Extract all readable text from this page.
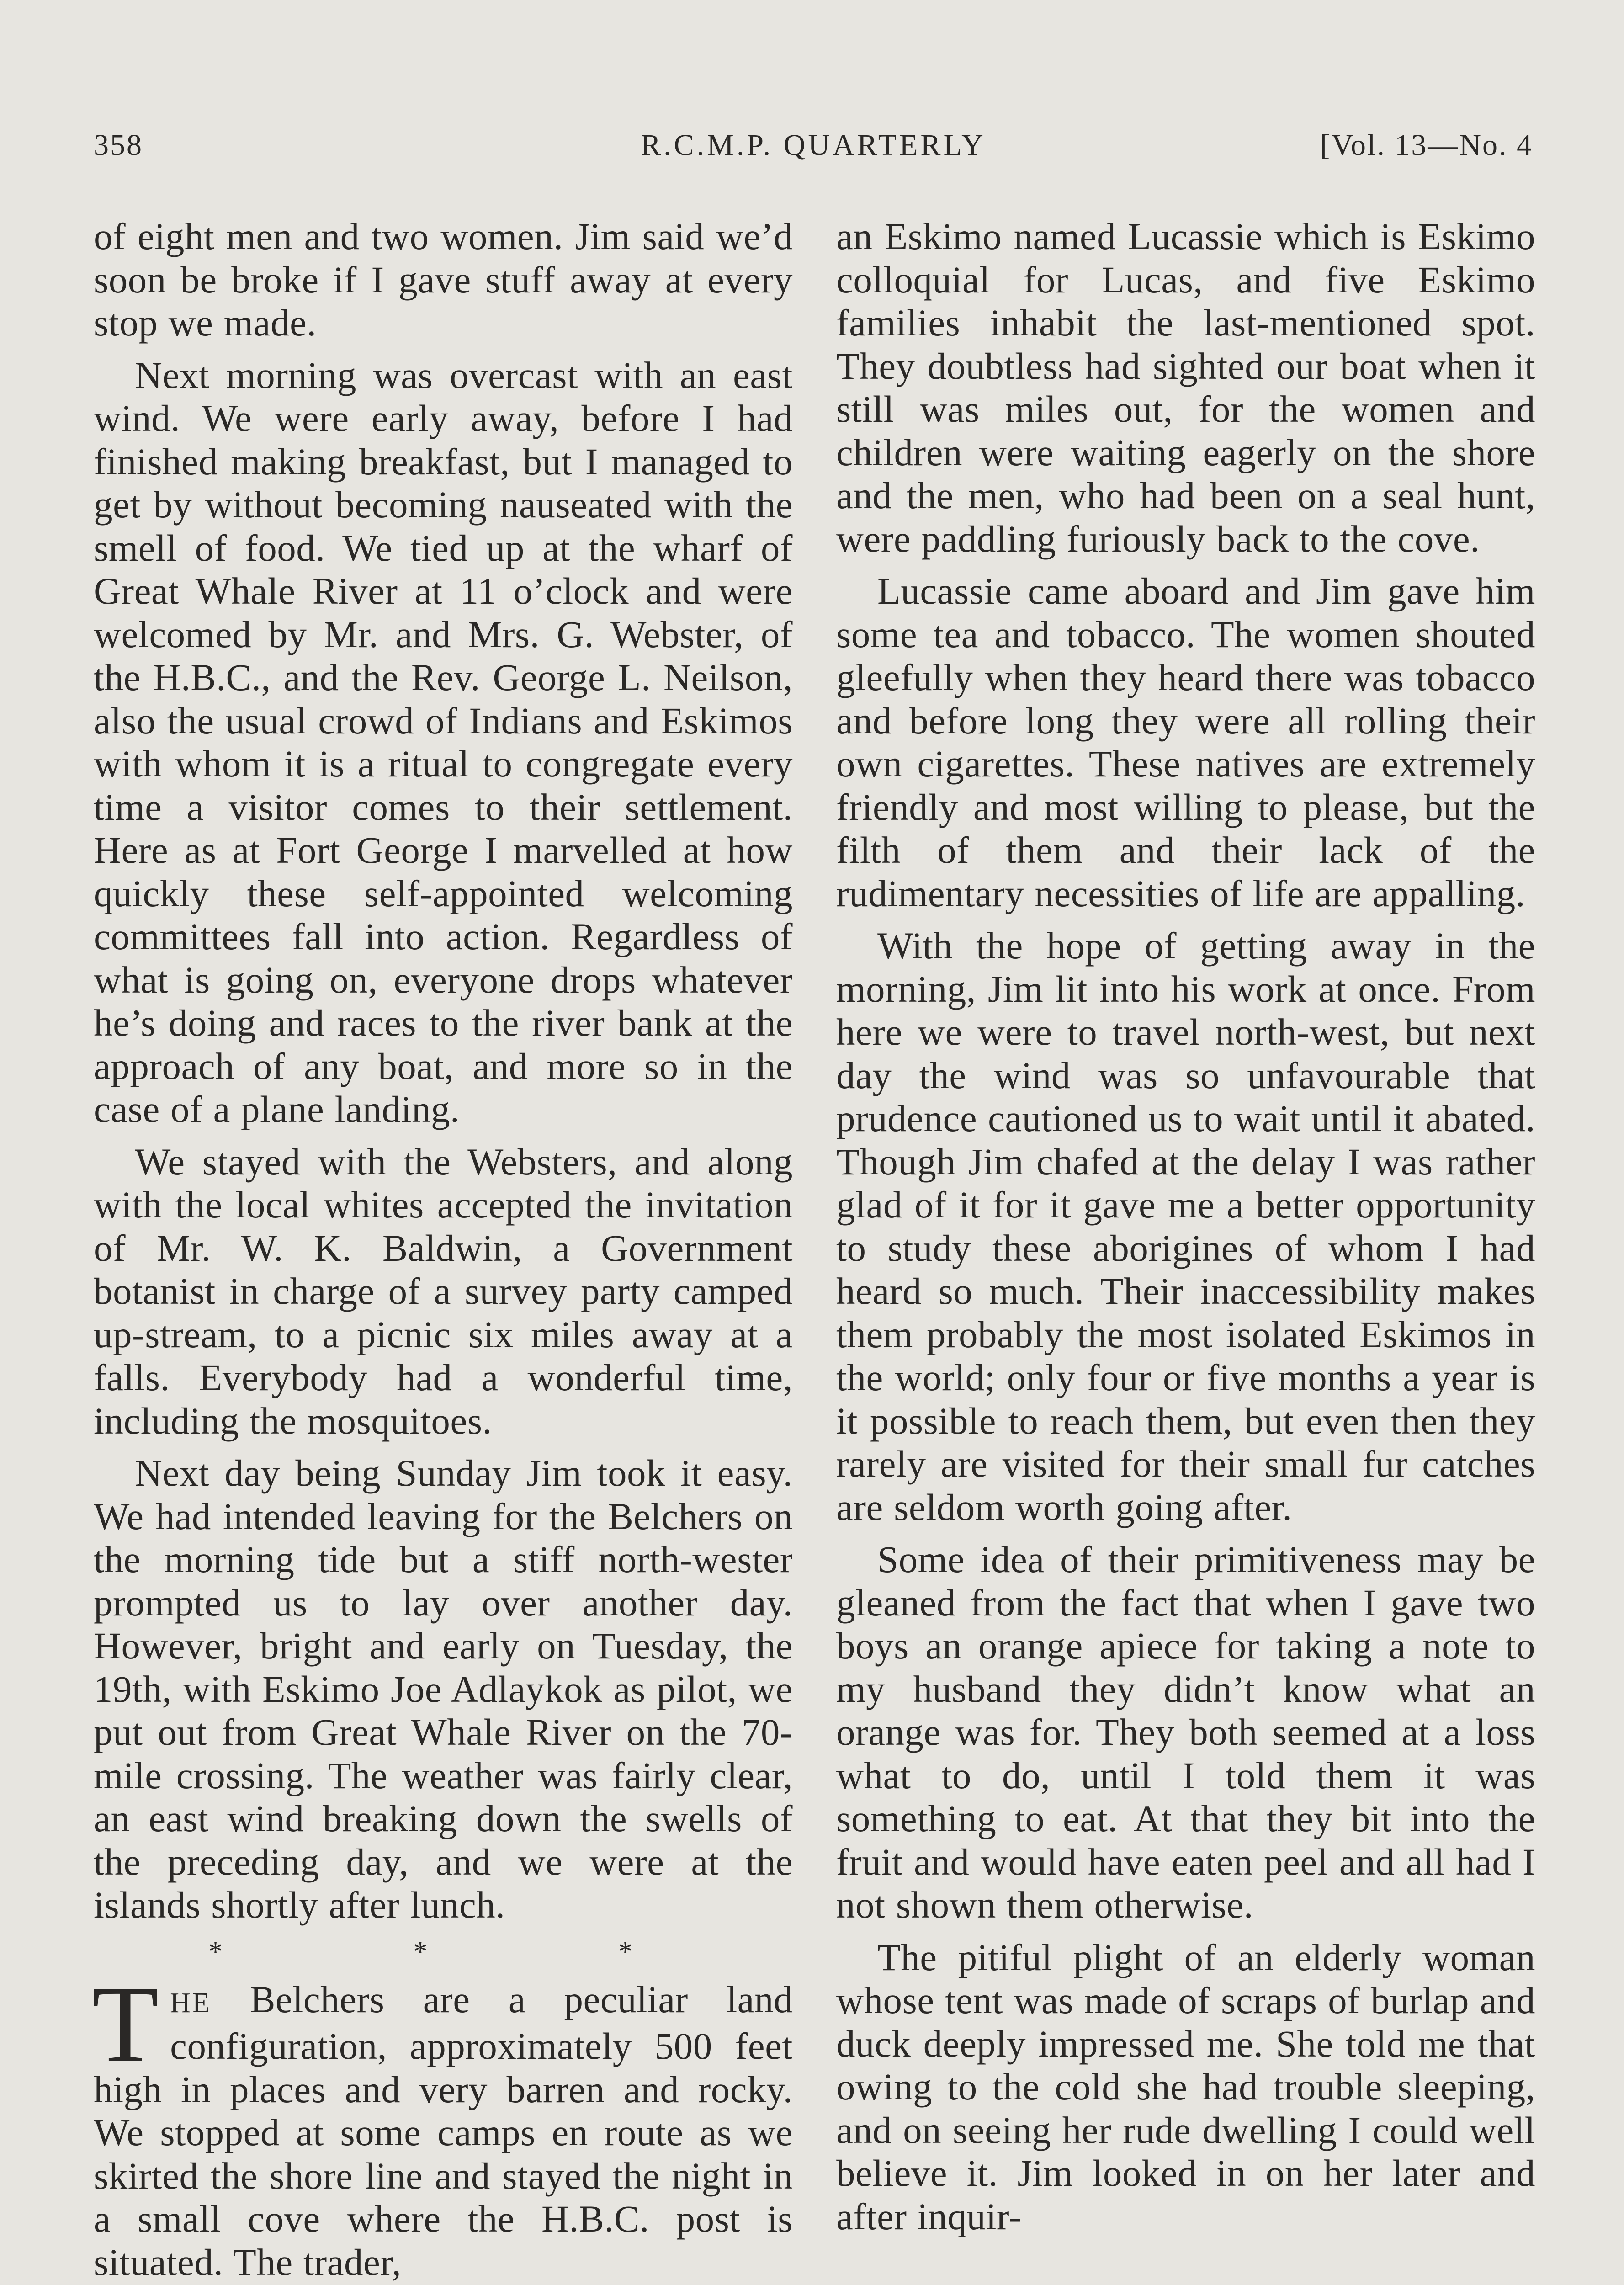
358	R.C.M.P. QUARTERLY	[Vol. 13—No. 4

of eight men and two women. Jim said we’d soon be broke if I gave stuff away at every stop we made.

Next morning was overcast with an east wind. We were early away, before I had finished making breakfast, but I managed to get by without becoming nauseated with the smell of food. We tied up at the wharf of Great Whale River at 11 o’clock and were welcomed by Mr. and Mrs. G. Webster, of the H.B.C., and the Rev. George L. Neilson, also the usual crowd of Indians and Eskimos with whom it is a ritual to congregate every time a visitor comes to their settlement. Here as at Fort George I marvelled at how quickly these self-appointed welcoming committees fall into action. Regardless of what is going on, everyone drops whatever he’s doing and races to the river bank at the approach of any boat, and more so in the case of a plane landing.

We stayed with the Websters, and along with the local whites accepted the invitation of Mr. W. K. Baldwin, a Government botanist in charge of a survey party camped up-stream, to a picnic six miles away at a falls. Everybody had a wonderful time, including the mosquitoes.

Next day being Sunday Jim took it easy. We had intended leaving for the Belchers on the morning tide but a stiff north-wester prompted us to lay over another day. However, bright and early on Tuesday, the 19th, with Eskimo Joe Adlaykok as pilot, we put out from Great Whale River on the 70-mile crossing. The weather was fairly clear, an east wind breaking down the swells of the preceding day, and we were at the islands shortly after lunch.

* * *

THE Belchers are a peculiar land configuration, approximately 500 feet high in places and very barren and rocky. We stopped at some camps en route as we skirted the shore line and stayed the night in a small cove where the H.B.C. post is situated. The trader,

an Eskimo named Lucassie which is Eskimo colloquial for Lucas, and five Eskimo families inhabit the last-mentioned spot. They doubtless had sighted our boat when it still was miles out, for the women and children were waiting eagerly on the shore and the men, who had been on a seal hunt, were paddling furiously back to the cove.

Lucassie came aboard and Jim gave him some tea and tobacco. The women shouted gleefully when they heard there was tobacco and before long they were all rolling their own cigarettes. These natives are extremely friendly and most willing to please, but the filth of them and their lack of the rudimentary necessities of life are appalling.

With the hope of getting away in the morning, Jim lit into his work at once. From here we were to travel north-west, but next day the wind was so unfavourable that prudence cautioned us to wait until it abated. Though Jim chafed at the delay I was rather glad of it for it gave me a better opportunity to study these aborigines of whom I had heard so much. Their inaccessibility makes them probably the most isolated Eskimos in the world; only four or five months a year is it possible to reach them, but even then they rarely are visited for their small fur catches are seldom worth going after.

Some idea of their primitiveness may be gleaned from the fact that when I gave two boys an orange apiece for taking a note to my husband they didn’t know what an orange was for. They both seemed at a loss what to do, until I told them it was something to eat. At that they bit into the fruit and would have eaten peel and all had I not shown them otherwise.

The pitiful plight of an elderly woman whose tent was made of scraps of burlap and duck deeply impressed me. She told me that owing to the cold she had trouble sleeping, and on seeing her rude dwelling I could well believe it. Jim looked in on her later and after inquir-
